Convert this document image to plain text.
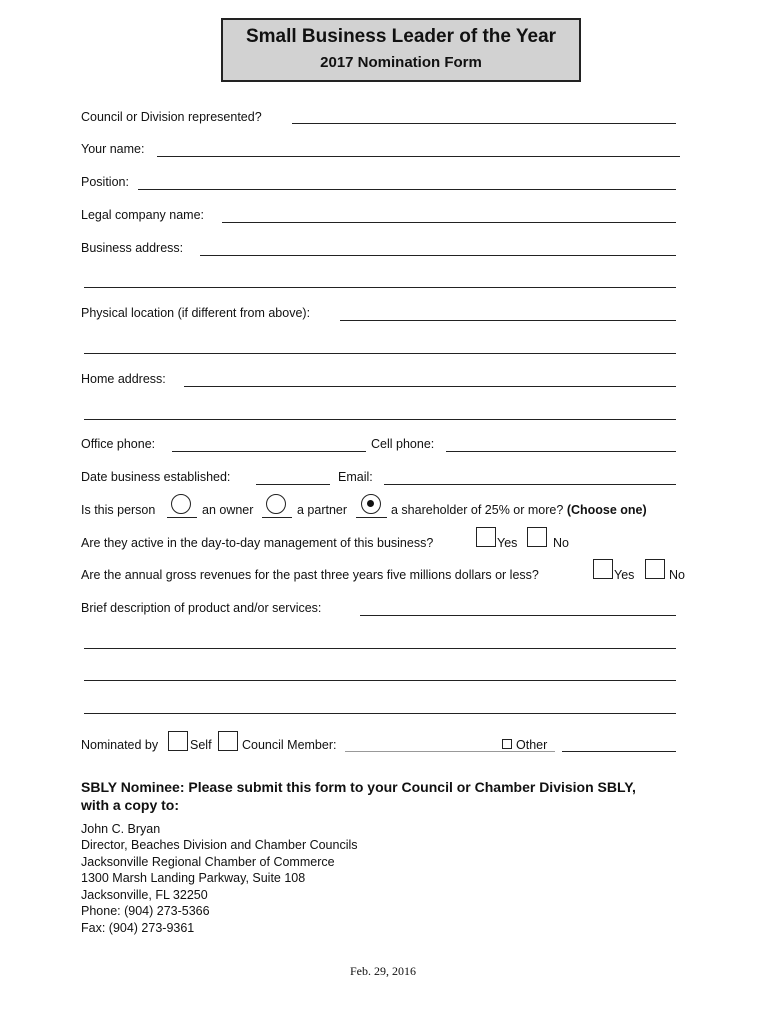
Small Business Leader of the Year
2017 Nomination Form
Council or Division represented?
Your name:
Position:
Legal company name:
Business address:
Physical location (if different from above):
Home address:
Office phone:	Cell phone:
Date business established:	Email:
Is this person	an owner	a partner	a shareholder of 25% or more? (Choose one)
Are they active in the day-to-day management of this business?	Yes	No
Are the annual gross revenues for the past three years five millions dollars or less?	Yes	No
Brief description of product and/or services:
Nominated by	Self Council Member:	Other
SBLY Nominee: Please submit this form to your Council or Chamber Division SBLY,
with a copy to:
John C. Bryan
Director, Beaches Division and Chamber Councils
Jacksonville Regional Chamber of Commerce
1300 Marsh Landing Parkway, Suite 108
Jacksonville, FL 32250
Phone: (904) 273-5366
Fax: (904) 273-9361
Feb. 29, 2016
